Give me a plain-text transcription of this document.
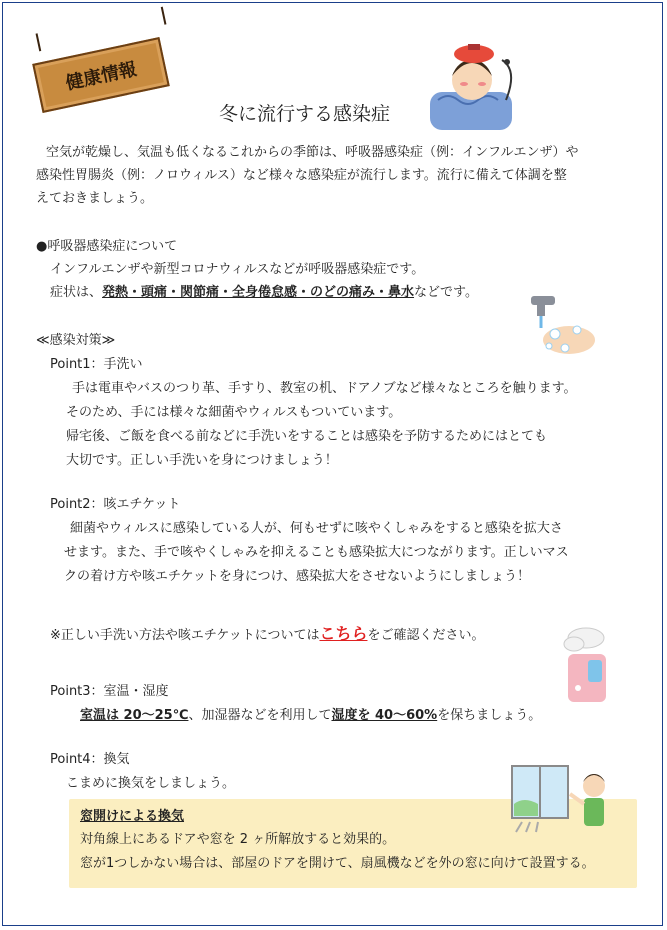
健康情報
冬に流行する感染症
空気が乾燥し、気温も低くなるこれからの季節は、呼吸器感染症（例：インフルエンザ）や
感染性胃腸炎（例：ノロウィルス）など様々な感染症が流行します。流行に備えて体調を整
えておきましょう。
●呼吸器感染症について
インフルエンザや新型コロナウィルスなどが呼吸器感染症です。
症状は、発熱・頭痛・関節痛・全身倦怠感・のどの痛み・鼻水などです。
≪感染対策≫
Point1：手洗い
手は電車やバスのつり革、手すり、教室の机、ドアノブなど様々なところを触ります。
そのため、手には様々な細菌やウィルスもついています。
帰宅後、ご飯を食べる前などに手洗いをすることは感染を予防するためにはとても
大切です。正しい手洗いを身につけましょう！
Point2：咳エチケット
細菌やウィルスに感染している人が、何もせずに咳やくしゃみをすると感染を拡大さ
せます。また、手で咳やくしゃみを抑えることも感染拡大につながります。正しいマス
クの着け方や咳エチケットを身につけ、感染拡大をさせないようにしましょう！
※正しい手洗い方法や咳エチケットについてはこちらをご確認ください。
Point3：室温・湿度
室温は 20～25℃、加湿器などを利用して湿度を 40～60%を保ちましょう。
Point4：換気
こまめに換気をしましょう。
窓開けによる換気
対角線上にあるドアや窓を 2 ヶ所解放すると効果的。
窓が1つしかない場合は、部屋のドアを開けて、扇風機などを外の窓に向けて設置する。
